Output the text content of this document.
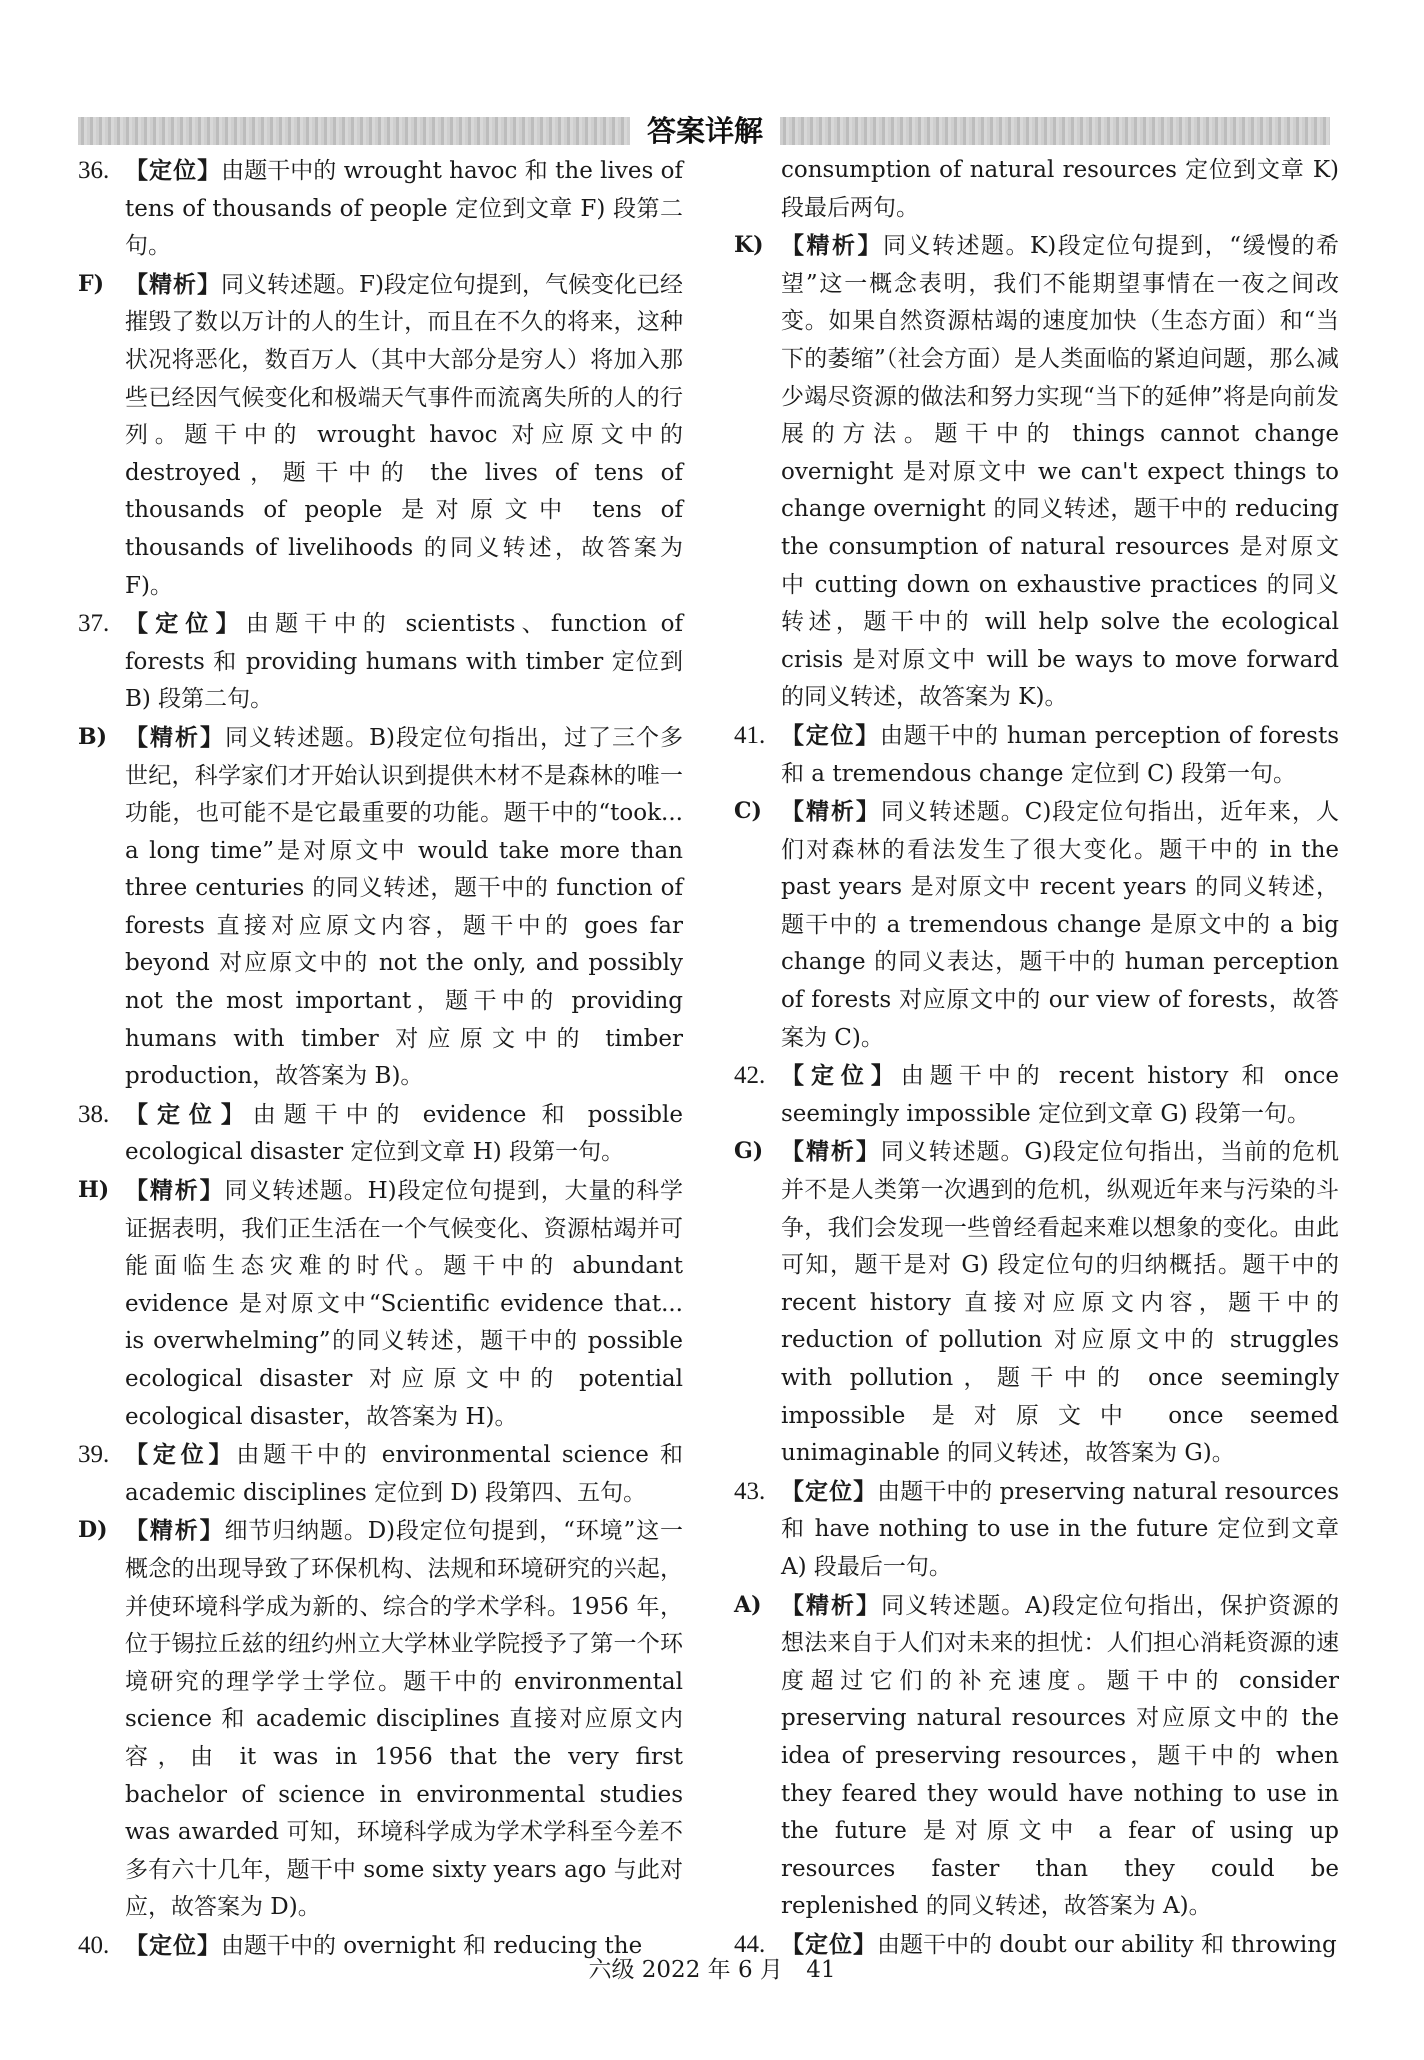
答案详解
36. 【定位】由题干中的 wrought havoc 和 the lives of tens of thousands of people 定位到文章 F) 段第二句。

F) 【精析】同义转述题。F)段定位句提到，气候变化已经摧毁了数以万计的人的生计，而且在不久的将来，这种状况将恶化，数百万人（其中大部分是穷人）将加入那些已经因气候变化和极端天气事件而流离失所的人的行列。题干中的 wrought havoc 对应原文中的 destroyed，题干中的 the lives of tens of thousands of people 是对原文中 tens of thousands of livelihoods 的同义转述，故答案为 F)。

37. 【定位】由题干中的 scientists、function of forests 和 providing humans with timber 定位到 B) 段第二句。

B) 【精析】同义转述题。B)段定位句指出，过了三个多世纪，科学家们才开始认识到提供木材不是森林的唯一功能，也可能不是它最重要的功能。题干中的“took... a long time”是对原文中 would take more than three centuries 的同义转述，题干中的 function of forests 直接对应原文内容，题干中的 goes far beyond 对应原文中的 not the only, and possibly not the most important，题干中的 providing humans with timber 对应原文中的 timber production，故答案为 B)。

38. 【定位】由题干中的 evidence 和 possible ecological disaster 定位到文章 H) 段第一句。

H) 【精析】同义转述题。H)段定位句提到，大量的科学证据表明，我们正生活在一个气候变化、资源枯竭并可能面临生态灾难的时代。题干中的 abundant evidence 是对原文中“Scientific evidence that... is overwhelming”的同义转述，题干中的 possible ecological disaster 对应原文中的 potential ecological disaster，故答案为 H)。

39. 【定位】由题干中的 environmental science 和 academic disciplines 定位到 D) 段第四、五句。

D) 【精析】细节归纳题。D)段定位句提到，“环境”这一概念的出现导致了环保机构、法规和环境研究的兴起，并使环境科学成为新的、综合的学术学科。1956 年，位于锡拉丘兹的纽约州立大学林业学院授予了第一个环境研究的理学学士学位。题干中的 environmental science 和 academic disciplines 直接对应原文内容，由 it was in 1956 that the very first bachelor of science in environmental studies was awarded 可知，环境科学成为学术学科至今差不多有六十几年，题干中 some sixty years ago 与此对应，故答案为 D)。

40. 【定位】由题干中的 overnight 和 reducing the

consumption of natural resources 定位到文章 K) 段最后两句。

K) 【精析】同义转述题。K)段定位句提到，“缓慢的希望”这一概念表明，我们不能期望事情在一夜之间改变。如果自然资源枯竭的速度加快（生态方面）和“当下的萎缩”（社会方面）是人类面临的紧迫问题，那么减少竭尽资源的做法和努力实现“当下的延伸”将是向前发展的方法。题干中的 things cannot change overnight 是对原文中 we can't expect things to change overnight 的同义转述，题干中的 reducing the consumption of natural resources 是对原文中 cutting down on exhaustive practices 的同义转述，题干中的 will help solve the ecological crisis 是对原文中 will be ways to move forward 的同义转述，故答案为 K)。

41. 【定位】由题干中的 human perception of forests 和 a tremendous change 定位到 C) 段第一句。

C) 【精析】同义转述题。C)段定位句指出，近年来，人们对森林的看法发生了很大变化。题干中的 in the past years 是对原文中 recent years 的同义转述，题干中的 a tremendous change 是原文中的 a big change 的同义表达，题干中的 human perception of forests 对应原文中的 our view of forests，故答案为 C)。

42. 【定位】由题干中的 recent history 和 once seemingly impossible 定位到文章 G) 段第一句。

G) 【精析】同义转述题。G)段定位句指出，当前的危机并不是人类第一次遇到的危机，纵观近年来与污染的斗争，我们会发现一些曾经看起来难以想象的变化。由此可知，题干是对 G) 段定位句的归纳概括。题干中的 recent history 直接对应原文内容，题干中的 reduction of pollution 对应原文中的 struggles with pollution，题干中的 once seemingly impossible 是对原文中 once seemed unimaginable 的同义转述，故答案为 G)。

43. 【定位】由题干中的 preserving natural resources 和 have nothing to use in the future 定位到文章 A) 段最后一句。

A) 【精析】同义转述题。A)段定位句指出，保护资源的想法来自于人们对未来的担忧：人们担心消耗资源的速度超过它们的补充速度。题干中的 consider preserving natural resources 对应原文中的 the idea of preserving resources，题干中的 when they feared they would have nothing to use in the future 是对原文中 a fear of using up resources faster than they could be replenished 的同义转述，故答案为 A)。

44. 【定位】由题干中的 doubt our ability 和 throwing

六级 2022 年 6 月 41
